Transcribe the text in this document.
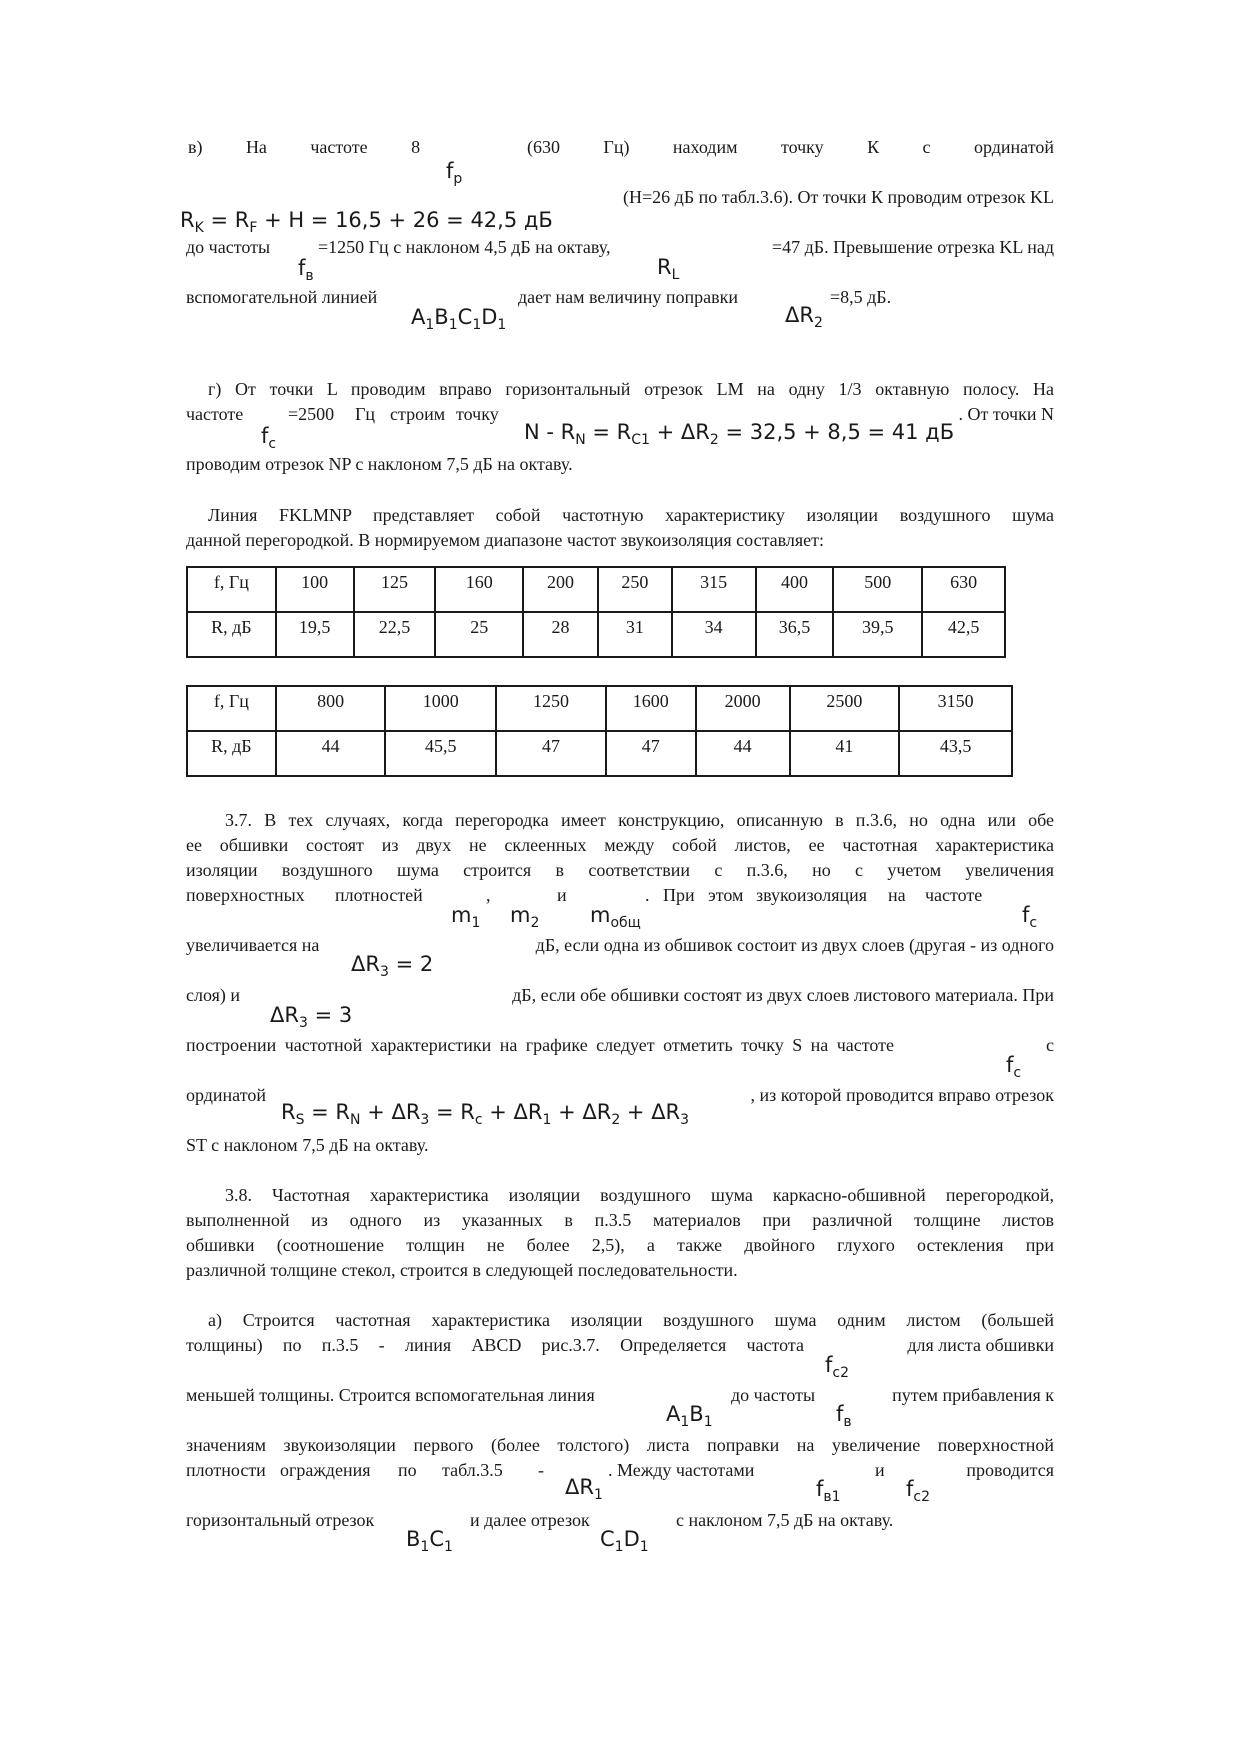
в) На частоте 8	(630 Гц) находим точку К с ординатой
$f_р$
$R_K = R_F + H = 16,5 + 26 = 42,5$ дБ
(Н=26 дБ по табл.3.6). От точки К проводим отрезок KL
до частоты	=1250 Гц с наклоном 4,5 дБ на октаву,	=47 дБ. Превышение отрезка KL над
$f_в$	$R_L$
вспомогательной линией	дает нам величину поправки	=8,5 дБ.
$A_1B_1C_1D_1$	$\Delta R_2$
г) От точки L проводим вправо горизонтальный отрезок LM на одну 1/3 октавную полосу. На
частоте =2500 Гц строим точку	. От точки N
$f_c$	$N - R_N = R_{C1} + \Delta R_2 = 32,5 + 8,5 = 41$ дБ
проводим отрезок NP с наклоном 7,5 дБ на октаву.
Линия FKLMNP представляет собой частотную характеристику изоляции воздушного шума
данной перегородкой. В нормируемом диапазоне частот звукоизоляция составляет:
f, Гц	100	125	160	200	250	315	400	500	630
R, дБ	19,5	22,5	25	28	31	34	36,5	39,5	42,5
f, Гц	800	1000	1250	1600	2000	2500	3150
R, дБ	44	45,5	47	47	44	41	43,5
3.7. В тех случаях, когда перегородка имеет конструкцию, описанную в п.3.6, но одна или обе
ее обшивки состоят из двух не склеенных между собой листов, ее частотная характеристика
изоляции воздушного шума строится в соответствии с п.3.6, но с учетом увеличения
поверхностных плотностей	,	и	. При этом звукоизоляция на частоте
$m_1$ $m_2$ $m_{общ}$	$f_c$
увеличивается на	дБ, если одна из обшивок состоит из двух слоев (другая - из одного
$\Delta R_3 = 2$
слоя) и	дБ, если обе обшивки состоят из двух слоев листового материала. При
$\Delta R_3 = 3$
построении частотной характеристики на графике следует отметить точку S на частоте	с
$f_c$
ординатой	, из которой проводится вправо отрезок
$R_S = R_N + \Delta R_3 = R_c + \Delta R_1 + \Delta R_2 + \Delta R_3$
ST с наклоном 7,5 дБ на октаву.
3.8. Частотная характеристика изоляции воздушного шума каркасно-обшивной перегородкой,
выполненной из одного из указанных в п.3.5 материалов при различной толщине листов
обшивки (соотношение толщин не более 2,5), а также двойного глухого остекления при
различной толщине стекол, строится в следующей последовательности.
а) Строится частотная характеристика изоляции воздушного шума одним листом (большей
толщины) по п.3.5 - линия ABCD рис.3.7. Определяется частота	для листа обшивки
$f_{c2}$
меньшей толщины. Строится вспомогательная линия	до частоты	путем прибавления к
$A_1B_1$	$f_в$
значениям звукоизоляции первого (более толстого) листа поправки на увеличение поверхностной
плотности ограждения по табл.3.5 -	. Между частотами	и	проводится
$\Delta R_1$	$f_{в1}$	$f_{c2}$
горизонтальный отрезок	и далее отрезок	с наклоном 7,5 дБ на октаву.
$B_1C_1$	$C_1D_1$
